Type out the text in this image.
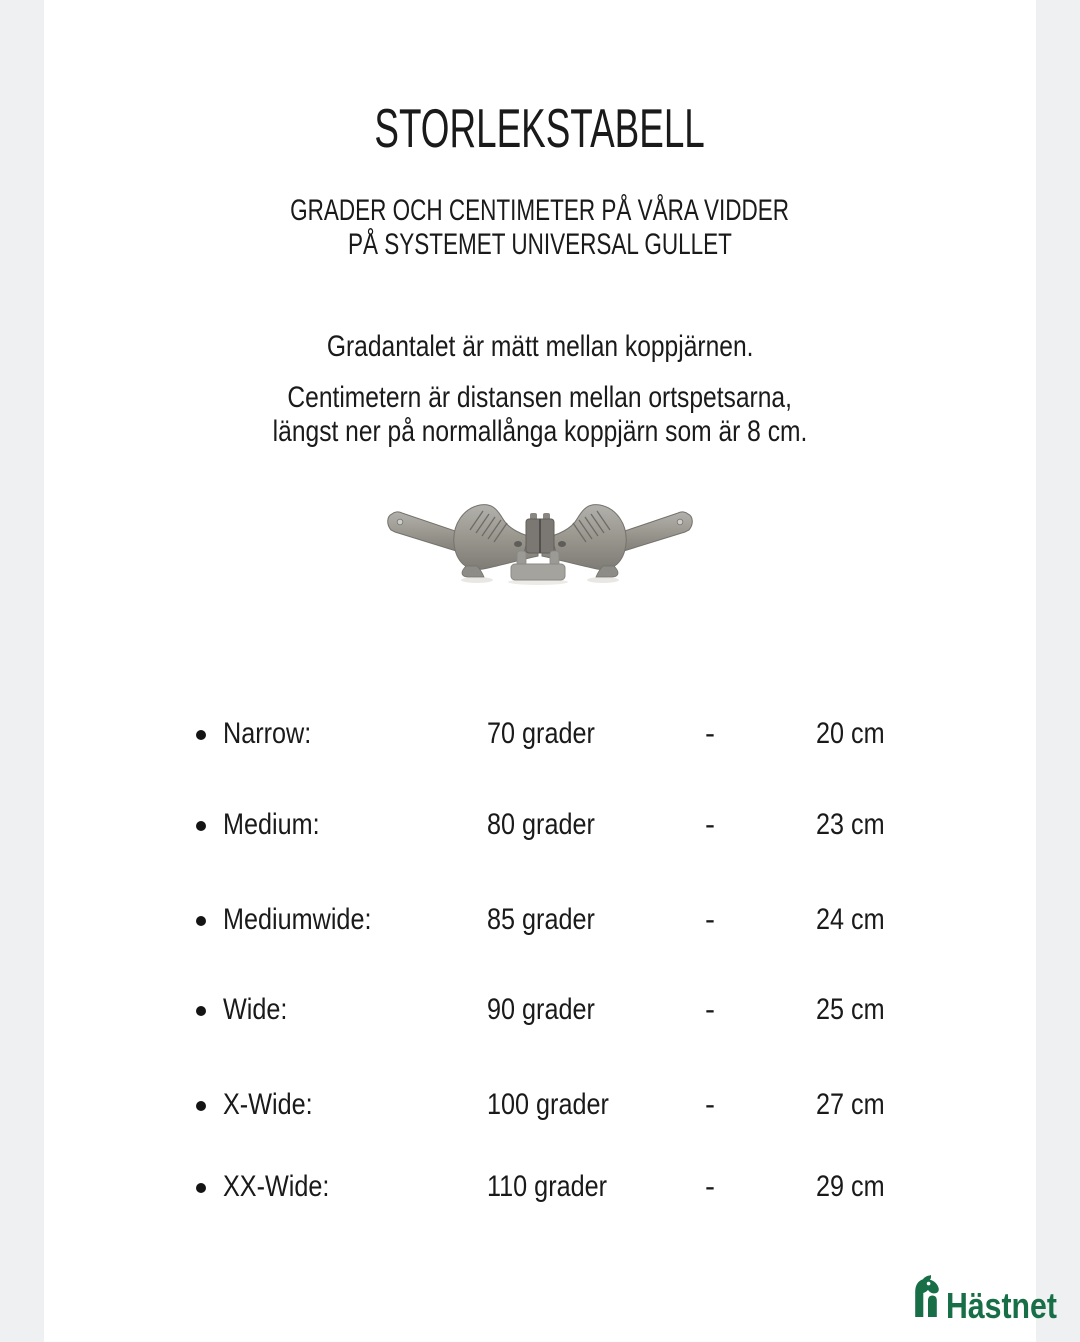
STORLEKSTABELL
GRADER OCH CENTIMETER PÅ VÅRA VIDDER
PÅ SYSTEMET UNIVERSAL GULLET
Gradantalet är mätt mellan koppjärnen.
Centimetern är distansen mellan ortspetsarna,
längst ner på normallånga koppjärn som är 8 cm.
Narrow:	70 grader	-	20 cm
Medium:	80 grader	-	23 cm
Mediumwide:	85 grader	-	24 cm
Wide:	90 grader	-	25 cm
X-Wide:	100 grader	-	27 cm
XX-Wide:	110 grader	-	29 cm
Hästnet
